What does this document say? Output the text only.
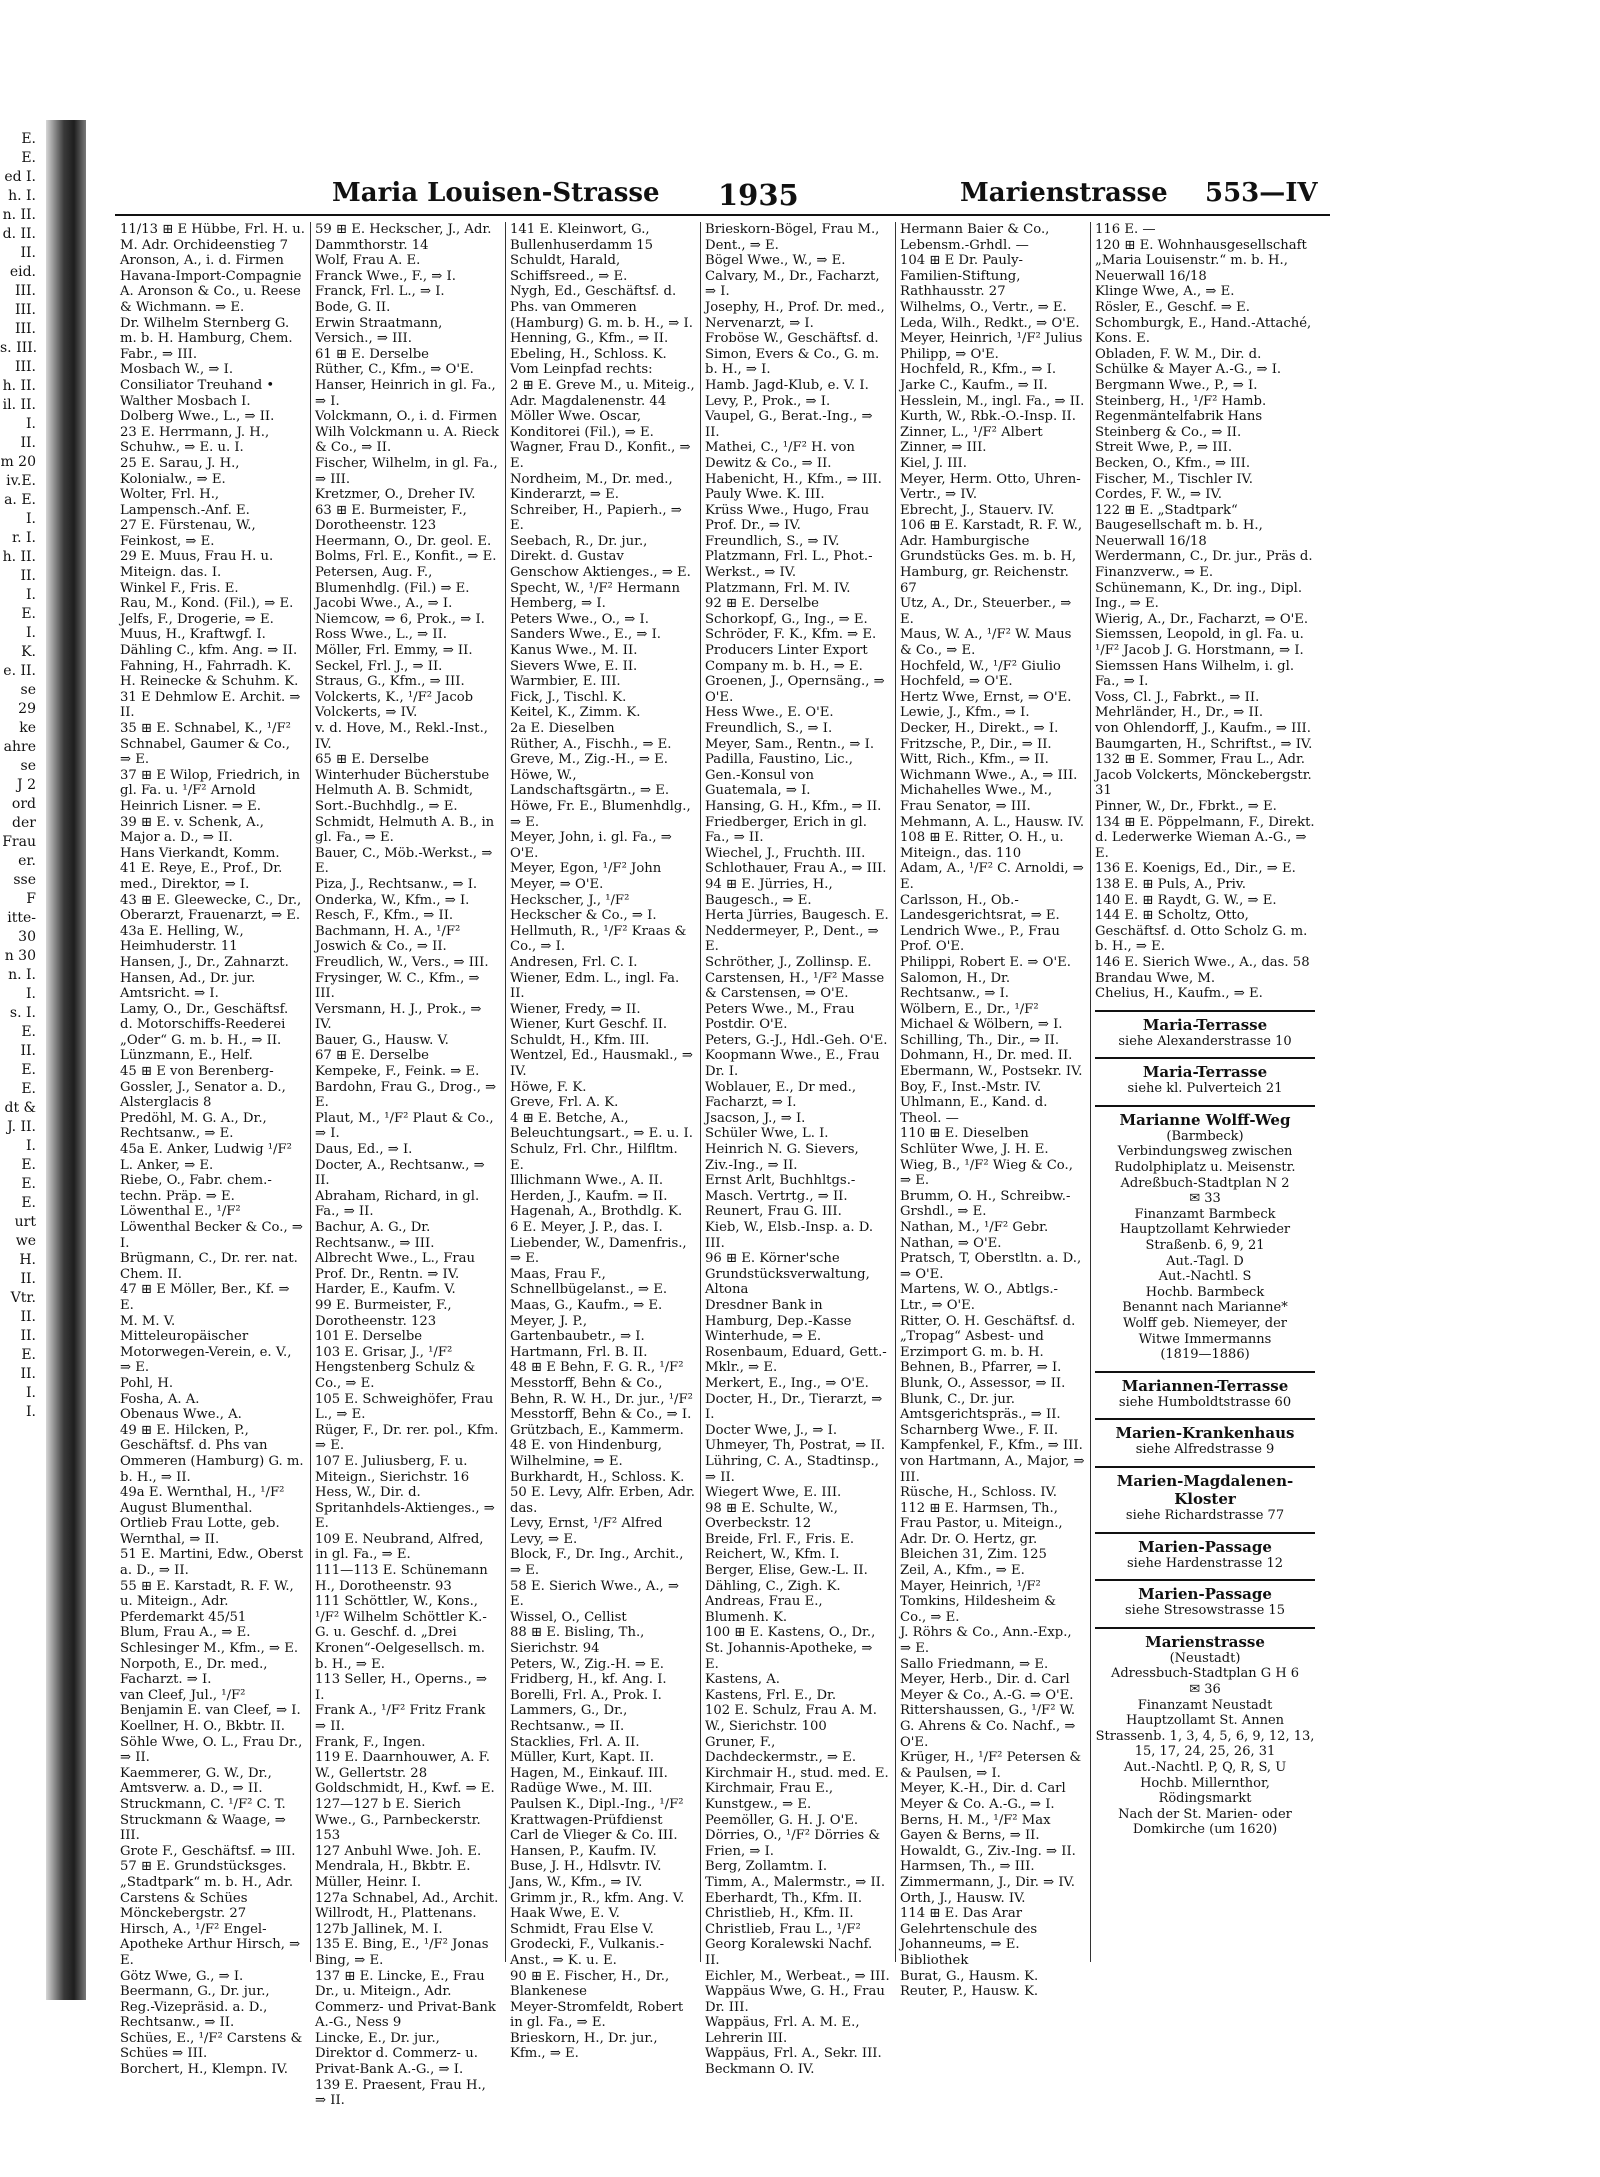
E.
E.
ed I.
h. I.
n. II.
d. II.
II.
eid.
III.
III.
III.
s. III.
III.
h. II.
il. II.
I.
II.
m 20
iv.E.
a. E.
I.
r. I.
h. II.
II.
I.
E.
I.
K.
e. II.
se
29
ke
ahre
se
J 2
ord
der
Frau
er.
sse
F
itte-
30
n 30
n. I.
I.
s. I.
E.
II.
E.
E.
dt &
J. II.
I.
E.
E.
E.
urt
we
H.
II.
Vtr.
II.
II.
E.
II.
I.
I.
Maria Louisen-Strasse 1935	Marienstrasse 553—IV

11/13 ⊞ E Hübbe, Frl. H. u. M. Adr. Orchideenstieg 7

Aronson, A., i. d. Firmen Havana-Import-Compagnie A. Aronson & Co., u. Reese & Wichmann. ⇒ E.

Dr. Wilhelm Sternberg G. m. b. H. Hamburg, Chem. Fabr., ⇒ III.

Mosbach W., ⇒ I.

Consiliator Treuhand • Walther Mosbach I.

Dolberg Wwe., L., ⇒ II.

23 E. Herrmann, J. H., Schuhw., ⇒ E. u. I.

25 E. Sarau, J. H., Kolonialw., ⇒ E.

Wolter, Frl. H., Lampensch.-Anf. E.

27 E. Fürstenau, W., Feinkost, ⇒ E.

29 E. Muus, Frau H. u. Miteign. das. I.

Winkel F., Fris. E.

Rau, M., Kond. (Fil.), ⇒ E.

Jelfs, F., Drogerie, ⇒ E.

Muus, H., Kraftwgf. I.

Dähling C., kfm. Ang. ⇒ II.

Fahning, H., Fahrradh. K.

H. Reinecke & Schuhm. K.

31 E Dehmlow E. Archit. ⇒ II.

35 ⊞ E. Schnabel, K., ¹/F² Schnabel, Gaumer & Co., ⇒ E.

37 ⊞ E Wilop, Friedrich, in gl. Fa. u. ¹/F² Arnold Heinrich Lisner. ⇒ E.

39 ⊞ E. v. Schenk, A., Major a. D., ⇒ II.

Hans Vierkandt, Komm.

41 E. Reye, E., Prof., Dr. med., Direktor, ⇒ I.

43 ⊞ E. Gleewecke, C., Dr., Oberarzt, Frauenarzt, ⇒ E.

43a E. Helling, W., Heimhuderstr. 11

Hansen, J., Dr., Zahnarzt.

Hansen, Ad., Dr. jur. Amtsricht. ⇒ I.

Lamy, O., Dr., Geschäftsf. d. Motorschiffs-Reederei „Oder“ G. m. b. H., ⇒ II.

Lünzmann, E., Helf.

45 ⊞ E von Berenberg-Gossler, J., Senator a. D., Alsterglacis 8

Predöhl, M. G. A., Dr., Rechtsanw., ⇒ E.

45a E. Anker, Ludwig ¹/F² L. Anker, ⇒ E.

Riebe, O., Fabr. chem.-techn. Präp. ⇒ E.

Löwenthal E., ¹/F² Löwenthal Becker & Co., ⇒ I.

Brügmann, C., Dr. rer. nat. Chem. II.

47 ⊞ E Möller, Ber., Kf. ⇒ E.

M. M. V. Mitteleuropäischer Motorwegen-Verein, e. V., ⇒ E.

Pohl, H.

Fosha, A. A.

Obenaus Wwe., A.

49 ⊞ E. Hilcken, P., Geschäftsf. d. Phs van Ommeren (Hamburg) G. m. b. H., ⇒ II.

49a E. Wernthal, H., ¹/F² August Blumenthal.

Ortlieb Frau Lotte, geb. Wernthal, ⇒ II.

51 E. Martini, Edw., Oberst a. D., ⇒ II.

55 ⊞ E. Karstadt, R. F. W., u. Miteign., Adr. Pferdemarkt 45/51

Blum, Frau A., ⇒ E.

Schlesinger M., Kfm., ⇒ E.

Norpoth, E., Dr. med., Facharzt. ⇒ I.

van Cleef, Jul., ¹/F² Benjamin E. van Cleef, ⇒ I.

Koellner, H. O., Bkbtr. II.

Söhle Wwe, O. L., Frau Dr., ⇒ II.

Kaemmerer, G. W., Dr., Amtsverw. a. D., ⇒ II.

Struckmann, C. ¹/F² C. T. Struckmann & Waage, ⇒ III.

Grote F., Geschäftsf. ⇒ III.

57 ⊞ E. Grundstücksges. „Stadtpark“ m. b. H., Adr. Carstens & Schües Mönckebergstr. 27

Hirsch, A., ¹/F² Engel-Apotheke Arthur Hirsch, ⇒ E.

Götz Wwe, G., ⇒ I.

Beermann, G., Dr. jur., Reg.-Vizepräsid. a. D., Rechtsanw., ⇒ II.

Schües, E., ¹/F² Carstens & Schües ⇒ III.

Borchert, H., Klempn. IV.

59 ⊞ E. Heckscher, J., Adr. Dammthorstr. 14

Wolf, Frau A. E.

Franck Wwe., F., ⇒ I.

Franck, Frl. L., ⇒ I.

Bode, G. II.

Erwin Straatmann, Versich., ⇒ III.

61 ⊞ E. Derselbe

Rüther, C., Kfm., ⇒ O'E.

Hanser, Heinrich in gl. Fa., ⇒ I.

Volckmann, O., i. d. Firmen Wilh Volckmann u. A. Rieck & Co., ⇒ II.

Fischer, Wilhelm, in gl. Fa., ⇒ III.

Kretzmer, O., Dreher IV.

63 ⊞ E. Burmeister, F., Dorotheenstr. 123

Heermann, O., Dr. geol. E.

Bolms, Frl. E., Konfit., ⇒ E.

Petersen, Aug. F., Blumenhdlg. (Fil.) ⇒ E.

Jacobi Wwe., A., ⇒ I.

Niemcow, ⇒ 6, Prok., ⇒ I.

Ross Wwe., L., ⇒ II.

Möller, Frl. Emmy, ⇒ II.

Seckel, Frl. J., ⇒ II.

Straus, G., Kfm., ⇒ III.

Volckerts, K., ¹/F² Jacob Volckerts, ⇒ IV.

v. d. Hove, M., Rekl.-Inst., IV.

65 ⊞ E. Derselbe

Winterhuder Bücherstube Helmuth A. B. Schmidt, Sort.-Buchhdlg., ⇒ E.

Schmidt, Helmuth A. B., in gl. Fa., ⇒ E.

Bauer, C., Möb.-Werkst., ⇒ E.

Piza, J., Rechtsanw., ⇒ I.

Onderka, W., Kfm., ⇒ I.

Resch, F., Kfm., ⇒ II.

Bachmann, H. A., ¹/F² Joswich & Co., ⇒ II.

Freudlich, W., Vers., ⇒ III.

Frysinger, W. C., Kfm., ⇒ III.

Versmann, H. J., Prok., ⇒ IV.

Bauer, G., Hausw. V.

67 ⊞ E. Derselbe

Kempeke, F., Feink. ⇒ E.

Bardohn, Frau G., Drog., ⇒ E.

Plaut, M., ¹/F² Plaut & Co., ⇒ I.

Daus, Ed., ⇒ I.

Docter, A., Rechtsanw., ⇒ II.

Abraham, Richard, in gl. Fa., ⇒ II.

Bachur, A. G., Dr. Rechtsanw., ⇒ III.

Albrecht Wwe., L., Frau Prof. Dr., Rentn. ⇒ IV.

Harder, E., Kaufm. V.

99 E. Burmeister, F., Dorotheenstr. 123

101 E. Derselbe

103 E. Grisar, J., ¹/F² Hengstenberg Schulz & Co., ⇒ E.

105 E. Schweighöfer, Frau L., ⇒ E.

Rüger, F., Dr. rer. pol., Kfm. ⇒ E.

107 E. Juliusberg, F. u. Miteign., Sierichstr. 16

Hess, W., Dir. d. Spritanhdels-Aktienges., ⇒ E.

109 E. Neubrand, Alfred, in gl. Fa., ⇒ E.

111—113 E. Schünemann H., Dorotheenstr. 93

111 Schöttler, W., Kons., ¹/F² Wilhelm Schöttler K.-G. u. Geschf. d. „Drei Kronen“-Oelgesellsch. m. b. H., ⇒ E.

113 Seller, H., Operns., ⇒ I.

Frank A., ¹/F² Fritz Frank ⇒ II.

Frank, F., Ingen.

119 E. Daarnhouwer, A. F. W., Gellertstr. 28

Goldschmidt, H., Kwf. ⇒ E.

127—127 b E. Sierich Wwe., G., Parnbeckerstr. 153

127 Anbuhl Wwe. Joh. E.

Mendrala, H., Bkbtr. E.

Müller, Heinr. I.

127a Schnabel, Ad., Archit. Willrodt, H., Plattenans.

127b Jallinek, M. I.

135 E. Bing, E., ¹/F² Jonas Bing, ⇒ E.

137 ⊞ E. Lincke, E., Frau Dr., u. Miteign., Adr. Commerz- und Privat-Bank A.-G., Ness 9

Lincke, E., Dr. jur., Direktor d. Commerz- u. Privat-Bank A.-G., ⇒ I.

139 E. Praesent, Frau H., ⇒ II.

141 E. Kleinwort, G., Bullenhuserdamm 15

Schuldt, Harald, Schiffsreed., ⇒ E.

Nygh, Ed., Geschäftsf. d. Phs. van Ommeren (Hamburg) G. m. b. H., ⇒ I.

Henning, G., Kfm., ⇒ II.

Ebeling, H., Schloss. K.

Vom Leinpfad rechts:

2 ⊞ E. Greve M., u. Miteig., Adr. Magdalenenstr. 44

Möller Wwe. Oscar, Konditorei (Fil.), ⇒ E.

Wagner, Frau D., Konfit., ⇒ E.

Nordheim, M., Dr. med., Kinderarzt, ⇒ E.

Schreiber, H., Papierh., ⇒ E.

Seebach, R., Dr. jur., Direkt. d. Gustav Genschow Aktienges., ⇒ E.

Specht, W., ¹/F² Hermann Hemberg, ⇒ I.

Peters Wwe., O., ⇒ I.

Sanders Wwe., E., ⇒ I.

Kanus Wwe., M. II.

Sievers Wwe, E. II.

Warmbier, E. III.

Fick, J., Tischl. K.

Keitel, K., Zimm. K.

2a E. Dieselben

Rüther, A., Fischh., ⇒ E.

Greve, M., Zig.-H., ⇒ E.

Höwe, W., Landschaftsgärtn., ⇒ E.

Höwe, Fr. E., Blumenhdlg., ⇒ E.

Meyer, John, i. gl. Fa., ⇒ O'E.

Meyer, Egon, ¹/F² John Meyer, ⇒ O'E.

Heckscher, J., ¹/F² Heckscher & Co., ⇒ I.

Hellmuth, R., ¹/F² Kraas & Co., ⇒ I.

Andresen, Frl. C. I.

Wiener, Edm. L., ingl. Fa. II.

Wiener, Fredy, ⇒ II.

Wiener, Kurt Geschf. II.

Schuldt, H., Kfm. III.

Wentzel, Ed., Hausmakl., ⇒ IV.

Höwe, F. K.

Greve, Frl. A. K.

4 ⊞ E. Betche, A., Beleuchtungsart., ⇒ E. u. I.

Schulz, Frl. Chr., Hilfltm. E.

Illichmann Wwe., A. II.

Herden, J., Kaufm. ⇒ II.

Hagenah, A., Brothdlg. K.

6 E. Meyer, J. P., das. I.

Liebender, W., Damenfris., ⇒ E.

Maas, Frau F., Schnellbügelanst., ⇒ E.

Maas, G., Kaufm., ⇒ E.

Meyer, J. P., Gartenbaubetr., ⇒ I.

Hartmann, Frl. B. II.

48 ⊞ E Behn, F. G. R., ¹/F² Messtorff, Behn & Co., Behn, R. W. H., Dr. jur., ¹/F² Messtorff, Behn & Co., ⇒ I.

Grützbach, E., Kammerm.

48 E. von Hindenburg, Wilhelmine, ⇒ E.

Burkhardt, H., Schloss. K.

50 E. Levy, Alfr. Erben, Adr. das.

Levy, Ernst, ¹/F² Alfred Levy, ⇒ E.

Block, F., Dr. Ing., Archit., ⇒ E.

58 E. Sierich Wwe., A., ⇒ E.

Wissel, O., Cellist

88 ⊞ E. Bisling, Th., Sierichstr. 94

Peters, W., Zig.-H. ⇒ E.

Fridberg, H., kf. Ang. I.

Borelli, Frl. A., Prok. I.

Lammers, G., Dr., Rechtsanw., ⇒ II.

Stacklies, Frl. A. II.

Müller, Kurt, Kapt. II.

Hagen, M., Einkauf. III.

Radüge Wwe., M. III.

Paulsen K., Dipl.-Ing., ¹/F² Krattwagen-Prüfdienst Carl de Vlieger & Co. III.

Hansen, P., Kaufm. IV.

Buse, J. H., Hdlsvtr. IV.

Jans, W., Kfm., ⇒ IV.

Grimm jr., R., kfm. Ang. V.

Haak Wwe, E. V.

Schmidt, Frau Else V.

Grodecki, F., Vulkanis.-Anst., ⇒ K. u. E.

90 ⊞ E. Fischer, H., Dr., Blankenese

Meyer-Stromfeldt, Robert in gl. Fa., ⇒ E.

Brieskorn, H., Dr. jur., Kfm., ⇒ E.

Brieskorn-Bögel, Frau M., Dent., ⇒ E.

Bögel Wwe., W., ⇒ E.

Calvary, M., Dr., Facharzt, ⇒ I.

Josephy, H., Prof. Dr. med., Nervenarzt, ⇒ I.

Froböse W., Geschäftsf. d. Simon, Evers & Co., G. m. b. H., ⇒ I.

Hamb. Jagd-Klub, e. V. I.

Levy, P., Prok., ⇒ I.

Vaupel, G., Berat.-Ing., ⇒ II.

Mathei, C., ¹/F² H. von Dewitz & Co., ⇒ II.

Habenicht, H., Kfm., ⇒ III.

Pauly Wwe. K. III.

Krüss Wwe., Hugo, Frau Prof. Dr., ⇒ IV.

Freundlich, S., ⇒ IV.

Platzmann, Frl. L., Phot.-Werkst., ⇒ IV.

Platzmann, Frl. M. IV.

92 ⊞ E. Derselbe

Schorkopf, G., Ing., ⇒ E.

Schröder, F. K., Kfm. ⇒ E.

Producers Linter Export Company m. b. H., ⇒ E.

Groenen, J., Opernsäng., ⇒ O'E.

Hess Wwe., E. O'E.

Freundlich, S., ⇒ I.

Meyer, Sam., Rentn., ⇒ I.

Padilla, Faustino, Lic., Gen.-Konsul von Guatemala, ⇒ I.

Hansing, G. H., Kfm., ⇒ II.

Friedberger, Erich in gl. Fa., ⇒ II.

Wiechel, J., Fruchth. III.

Schlothauer, Frau A., ⇒ III.

94 ⊞ E. Jürries, H., Baugesch., ⇒ E.

Herta Jürries, Baugesch. E.

Neddermeyer, P., Dent., ⇒ E.

Schröther, J., Zollinsp. E.

Carstensen, H., ¹/F² Masse & Carstensen, ⇒ O'E.

Peters Wwe., M., Frau Postdir. O'E.

Peters, G.-J., Hdl.-Geh. O'E.

Koopmann Wwe., E., Frau Dr. I.

Woblauer, E., Dr med., Facharzt, ⇒ I.

Jsacson, J., ⇒ I.

Schüler Wwe, L. I.

Heinrich N. G. Sievers, Ziv.-Ing., ⇒ II.

Ernst Arlt, Buchhltgs.-Masch. Vertrtg., ⇒ II.

Reunert, Frau G. III.

Kieb, W., Elsb.-Insp. a. D. III.

96 ⊞ E. Körner'sche Grundstücksverwaltung, Altona

Dresdner Bank in Hamburg, Dep.-Kasse Winterhude, ⇒ E.

Rosenbaum, Eduard, Gett.-Mklr., ⇒ E.

Merkert, E., Ing., ⇒ O'E.

Docter, H., Dr., Tierarzt, ⇒ I.

Docter Wwe, J., ⇒ I.

Uhmeyer, Th, Postrat, ⇒ II.

Lühring, C. A., Stadtinsp., ⇒ II.

Wiegert Wwe, E. III.

98 ⊞ E. Schulte, W., Overbeckstr. 12

Breide, Frl. F., Fris. E.

Reichert, W., Kfm. I.

Berger, Elise, Gew.-L. II.

Dähling, C., Zigh. K.

Andreas, Frau E., Blumenh. K.

100 ⊞ E. Kastens, O., Dr., St. Johannis-Apotheke, ⇒ E.

Kastens, A.

Kastens, Frl. E., Dr.

102 E. Schulz, Frau A. M. W., Sierichstr. 100

Gruner, F., Dachdeckermstr., ⇒ E.

Kirchmair H., stud. med. E.

Kirchmair, Frau E., Kunstgew., ⇒ E.

Peemöller, G. H. J. O'E.

Dörries, O., ¹/F² Dörries & Frien, ⇒ I.

Berg, Zollamtm. I.

Timm, A., Malermstr., ⇒ II.

Eberhardt, Th., Kfm. II.

Christlieb, H., Kfm. II.

Christlieb, Frau L., ¹/F² Georg Koralewski Nachf. II.

Eichler, M., Werbeat., ⇒ III.

Wappäus Wwe, G. H., Frau Dr. III.

Wappäus, Frl. A. M. E., Lehrerin III.

Wappäus, Frl. A., Sekr. III.

Beckmann O. IV.

Hermann Baier & Co., Lebensm.-Grhdl. —

104 ⊞ E Dr. Pauly-Familien-Stiftung, Rathhausstr. 27

Wilhelms, O., Vertr., ⇒ E.

Leda, Wilh., Redkt., ⇒ O'E.

Meyer, Heinrich, ¹/F² Julius Philipp, ⇒ O'E.

Hochfeld, R., Kfm., ⇒ I.

Jarke C., Kaufm., ⇒ II.

Hesslein, M., ingl. Fa., ⇒ II.

Kurth, W., Rbk.-O.-Insp. II.

Zinner, L., ¹/F² Albert Zinner, ⇒ III.

Kiel, J. III.

Meyer, Herm. Otto, Uhren-Vertr., ⇒ IV.

Ebrecht, J., Stauerv. IV.

106 ⊞ E. Karstadt, R. F. W., Adr. Hamburgische Grundstücks Ges. m. b. H, Hamburg, gr. Reichenstr. 67

Utz, A., Dr., Steuerber., ⇒ E.

Maus, W. A., ¹/F² W. Maus & Co., ⇒ E.

Hochfeld, W., ¹/F² Giulio Hochfeld, ⇒ O'E.

Hertz Wwe, Ernst, ⇒ O'E.

Lewie, J., Kfm., ⇒ I.

Decker, H., Direkt., ⇒ I.

Fritzsche, P., Dir., ⇒ II.

Witt, Rich., Kfm., ⇒ II.

Wichmann Wwe., A., ⇒ III.

Michahelles Wwe., M., Frau Senator, ⇒ III.

Mehmann, A. L., Hausw. IV.

108 ⊞ E. Ritter, O. H., u. Miteign., das. 110

Adam, A., ¹/F² C. Arnoldi, ⇒ E.

Carlsson, H., Ob.-Landesgerichtsrat, ⇒ E.

Lendrich Wwe., P., Frau Prof. O'E.

Philippi, Robert E. ⇒ O'E.

Salomon, H., Dr. Rechtsanw., ⇒ I.

Wölbern, E., Dr., ¹/F² Michael & Wölbern, ⇒ I.

Schilling, Th., Dir., ⇒ II.

Dohmann, H., Dr. med. II.

Ebermann, W., Postsekr. IV.

Boy, F., Inst.-Mstr. IV.

Uhlmann, E., Kand. d. Theol. —

110 ⊞ E. Dieselben

Schlüter Wwe, J. H. E.

Wieg, B., ¹/F² Wieg & Co., ⇒ E.

Brumm, O. H., Schreibw.-Grshdl., ⇒ E.

Nathan, M., ¹/F² Gebr. Nathan, ⇒ O'E.

Pratsch, T, Oberstltn. a. D., ⇒ O'E.

Martens, W. O., Abtlgs.-Ltr., ⇒ O'E.

Ritter, O. H. Geschäftsf. d. „Tropag“ Asbest- und Erzimport G. m. b. H.

Behnen, B., Pfarrer, ⇒ I.

Blunk, O., Assessor, ⇒ II.

Blunk, C., Dr. jur. Amtsgerichtspräs., ⇒ II.

Scharnberg Wwe., F. II.

Kampfenkel, F., Kfm., ⇒ III.

von Hartmann, A., Major, ⇒ III.

Rüsche, H., Schloss. IV.

112 ⊞ E. Harmsen, Th., Frau Pastor, u. Miteign., Adr. Dr. O. Hertz, gr. Bleichen 31, Zim. 125

Zeil, A., Kfm., ⇒ E.

Mayer, Heinrich, ¹/F² Tomkins, Hildesheim & Co., ⇒ E.

J. Röhrs & Co., Ann.-Exp., ⇒ E.

Sallo Friedmann, ⇒ E.

Meyer, Herb., Dir. d. Carl Meyer & Co., A.-G. ⇒ O'E.

Rittershaussen, G., ¹/F² W. G. Ahrens & Co. Nachf., ⇒ O'E.

Krüger, H., ¹/F² Petersen & & Paulsen, ⇒ I.

Meyer, K.-H., Dir. d. Carl Meyer & Co. A.-G., ⇒ I.

Berns, H. M., ¹/F² Max Gayen & Berns, ⇒ II.

Howaldt, G., Ziv.-Ing. ⇒ II.

Harmsen, Th., ⇒ III.

Zimmermann, J., Dir. ⇒ IV.

Orth, J., Hausw. IV.

114 ⊞ E. Das Arar Gelehrtenschule des Johanneums, ⇒ E.

Bibliothek

Burat, G., Hausm. K.

Reuter, P., Hausw. K.

116 E. —

120 ⊞ E. Wohnhausgesellschaft „Maria Louisenstr.“ m. b. H., Neuerwall 16/18

Klinge Wwe, A., ⇒ E.

Rösler, E., Geschf. ⇒ E.

Schomburgk, E., Hand.-Attaché, Kons. E.

Obladen, F. W. M., Dir. d. Schülke & Mayer A.-G., ⇒ I.

Bergmann Wwe., P., ⇒ I.

Steinberg, H., ¹/F² Hamb. Regenmäntelfabrik Hans Steinberg & Co., ⇒ II.

Streit Wwe, P., ⇒ III.

Becken, O., Kfm., ⇒ III.

Fischer, M., Tischler IV.

Cordes, F. W., ⇒ IV.

122 ⊞ E. „Stadtpark“ Baugesellschaft m. b. H., Neuerwall 16/18

Werdermann, C., Dr. jur., Präs d. Finanzverw., ⇒ E.

Schünemann, K., Dr. ing., Dipl. Ing., ⇒ E.

Wierig, A., Dr., Facharzt, ⇒ O'E.

Siemssen, Leopold, in gl. Fa. u. ¹/F² Jacob J. G. Horstmann, ⇒ I.

Siemssen Hans Wilhelm, i. gl. Fa., ⇒ I.

Voss, Cl. J., Fabrkt., ⇒ II.

Mehrländer, H., Dr., ⇒ II.

von Ohlendorff, J., Kaufm., ⇒ III.

Baumgarten, H., Schriftst., ⇒ IV.

132 ⊞ E. Sommer, Frau L., Adr. Jacob Volckerts, Mönckebergstr. 31

Pinner, W., Dr., Fbrkt., ⇒ E.

134 ⊞ E. Pöppelmann, F., Direkt. d. Lederwerke Wieman A.-G., ⇒ E.

136 E. Koenigs, Ed., Dir., ⇒ E.

138 E. ⊞ Puls, A., Priv.

140 E. ⊞ Raydt, G. W., ⇒ E.

144 E. ⊞ Scholtz, Otto, Geschäftsf. d. Otto Scholz G. m. b. H., ⇒ E.

146 E. Sierich Wwe., A., das. 58

Brandau Wwe, M.

Chelius, H., Kaufm., ⇒ E.

Maria-Terrasse
siehe Alexanderstrasse 10
Maria-Terrasse
siehe kl. Pulverteich 21
Marianne Wolff-Weg
(Barmbeck)
Verbindungsweg zwischen
Rudolphiplatz u. Meisenstr.
Adreßbuch-Stadtplan N 2
✉ 33
Finanzamt Barmbeck
Hauptzollamt Kehrwieder
Straßenb. 6, 9, 21
Aut.-Tagl. D
Aut.-Nachtl. S
Hochb. Barmbeck
Benannt nach Marianne*
Wolff geb. Niemeyer, der
Witwe Immermanns
(1819—1886)
Mariannen-Terrasse
siehe Humboldtstrasse 60
Marien-Krankenhaus
siehe Alfredstrasse 9
Marien-Magdalenen-Kloster
siehe Richardstrasse 77
Marien-Passage
siehe Hardenstrasse 12
Marien-Passage
siehe Stresowstrasse 15
Marienstrasse
(Neustadt)
Adressbuch-Stadtplan G H 6
✉ 36
Finanzamt Neustadt
Hauptzollamt St. Annen
Strassenb. 1, 3, 4, 5, 6, 9, 12, 13,
15, 17, 24, 25, 26, 31
Aut.-Nachtl. P, Q, R, S, U
Hochb. Millernthor,
Rödingsmarkt
Nach der St. Marien- oder
Domkirche (um 1620)
